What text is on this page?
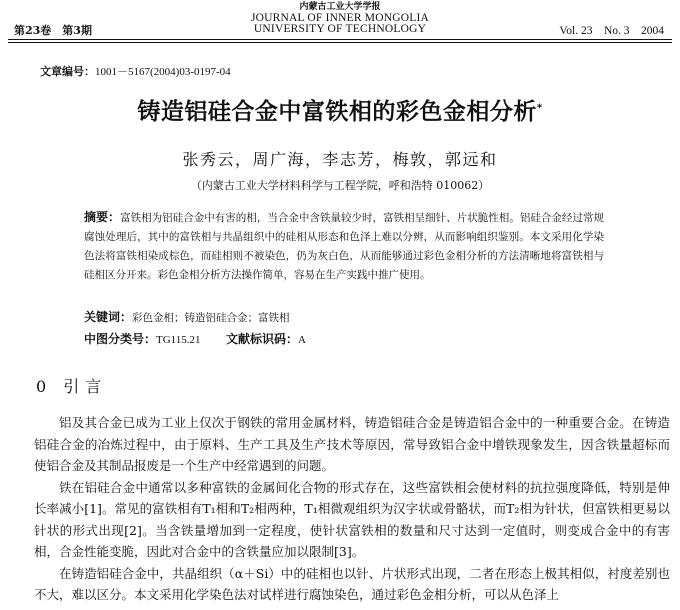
第23卷　第3期
内蒙古工业大学学报
JOURNAL OF INNER MONGOLIA
UNIVERSITY OF TECHNOLOGY	Vol. 23　No. 3　2004
文章编号：1001－5167(2004)03-0197-04
铸造铝硅合金中富铁相的彩色金相分析*
张秀云，周广海，李志芳，梅敦，郭远和
（内蒙古工业大学材料科学与工程学院，呼和浩特 010062）
摘要：富铁相为铝硅合金中有害的相，当合金中含铁量较少时，富铁相呈细针、片状脆性相。铝硅合金经过常规腐蚀处理后，其中的富铁相与共晶组织中的硅相从形态和色泽上难以分辨，从而影响组织鉴别。本文采用化学染色法将富铁相染成棕色，而硅相则不被染色，仍为灰白色，从而能够通过彩色金相分析的方法清晰地将富铁相与硅相区分开来。彩色金相分析方法操作简单，容易在生产实践中推广使用。
关键词：彩色金相；铸造铝硅合金；富铁相
中图分类号：TG115.21 文献标识码：A
0 引言

铝及其合金已成为工业上仅次于钢铁的常用金属材料，铸造铝硅合金是铸造铝合金中的一种重要合金。在铸造铝硅合金的冶炼过程中，由于原料、生产工具及生产技术等原因，常导致铝合金中增铁现象发生，因含铁量超标而使铝合金及其制品报废是一个生产中经常遇到的问题。

铁在铝硅合金中通常以多种富铁的金属间化合物的形式存在，这些富铁相会使材料的抗拉强度降低，特别是伸长率减小[1]。常见的富铁相有T₁相和T₂相两种，T₁相微观组织为汉字状或骨骼状，而T₂相为针状，但富铁相更易以针状的形式出现[2]。当含铁量增加到一定程度，使针状富铁相的数量和尺寸达到一定值时，则变成合金中的有害相，合金性能变脆，因此对合金中的含铁量应加以限制[3]。

在铸造铝硅合金中，共晶组织（α＋Si）中的硅相也以针、片状形式出现，二者在形态上极其相似，衬度差别也不大，难以区分。本文采用化学染色法对试样进行腐蚀染色，通过彩色金相分析，可以从色泽上
